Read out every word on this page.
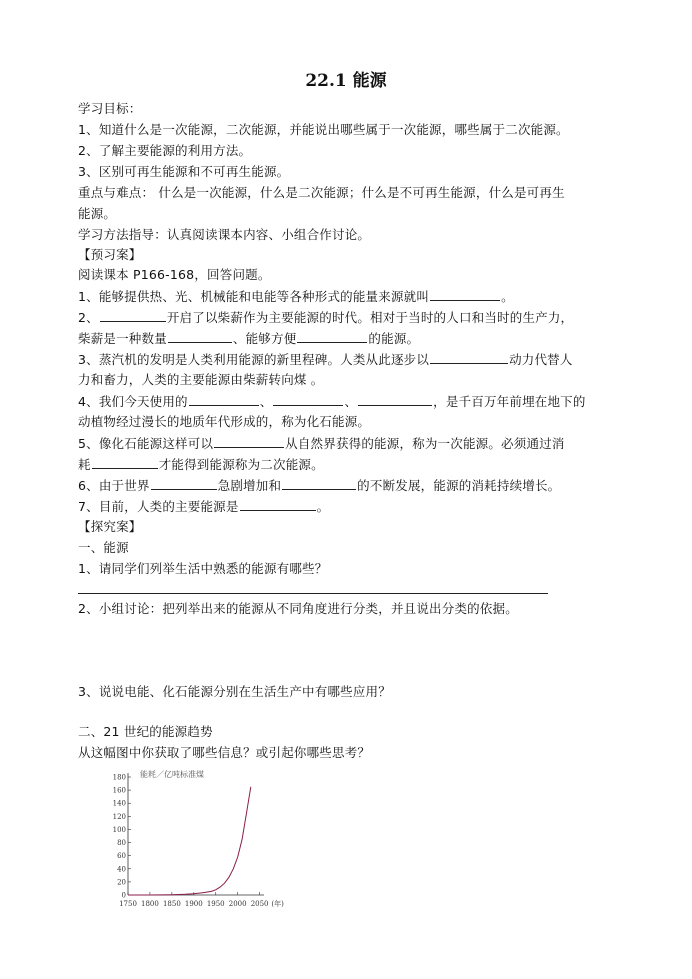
22.1 能源
学习目标：
1、知道什么是一次能源，二次能源，并能说出哪些属于一次能源，哪些属于二次能源。
2、了解主要能源的利用方法。
3、区别可再生能源和不可再生能源。
重点与难点： 什么是一次能源，什么是二次能源；什么是不可再生能源，什么是可再生
能源。
学习方法指导：认真阅读课本内容、小组合作讨论。
【预习案】
阅读课本 P166-168，回答问题。
1、能够提供热、光、机械能和电能等各种形式的能量来源就叫	。
2、	开启了以柴薪作为主要能源的时代。相对于当时的人口和当时的生产力，
柴薪是一种数量	、能够方便	的能源。
3、蒸汽机的发明是人类利用能源的新里程碑。人类从此逐步以	动力代替人
力和畜力，人类的主要能源由柴薪转向煤 。
4、我们今天使用的	、	、	，是千百万年前埋在地下的
动植物经过漫长的地质年代形成的，称为化石能源。
5、像化石能源这样可以	从自然界获得的能源，称为一次能源。必须通过消
耗	才能得到能源称为二次能源。
6、由于世界	急剧增加和	的不断发展，能源的消耗持续增长。
7、目前，人类的主要能源是	。
【探究案】
一、能源
1、请同学们列举生活中熟悉的能源有哪些？
2、小组讨论：把列举出来的能源从不同角度进行分类，并且说出分类的依据。
3、说说电能、化石能源分别在生活生产中有哪些应用？
二、21 世纪的能源趋势
从这幅图中你获取了哪些信息？或引起你哪些思考？
0
20
40
60
80
100
120
140
160
180
1750 1800 1850 1900 1950 2000 2050 (年)
能耗／亿吨标准煤
